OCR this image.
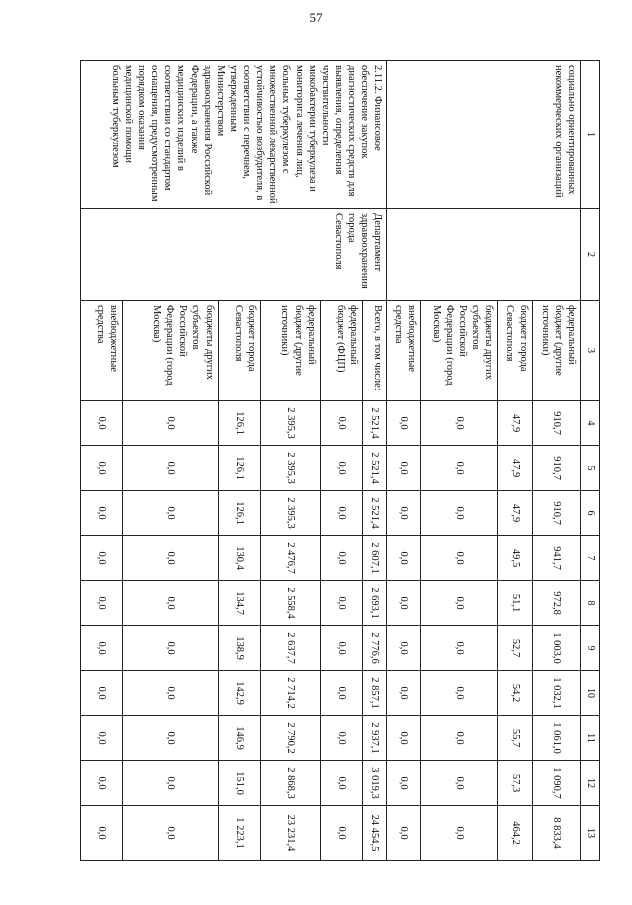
57
1	2	3	4	5	6	7	8	9	10	11	12	13
социально ориентированных некоммерческих организаций		федеральный бюджет (другие источники)	910,7	910,7	910,7	941,7	972,8	1 003,0	1 032,1	1 061,0	1 090,7	8 833,4
		бюджет города Севастополя	47,9	47,9	47,9	49,5	51,1	52,7	54,2	55,7	57,3	464,2
		бюджеты других субъектов Российской Федерации (город Москва)	0,0	0,0	0,0	0,0	0,0	0,0	0,0	0,0	0,0	0,0
		внебюджетные средства	0,0	0,0	0,0	0,0	0,0	0,0	0,0	0,0	0,0	0,0
2.11.2. Финансовое обеспечение закупок диагностических средств для выявления, определения чувствительности микобактерии туберкулеза и мониторига лечения лиц, больных туберкулезом с множественной лекарственной устойчивостью возбудителя, в соответствии с перечнем, утвержденным Министерством здравоохранения Российской Федерации, а также медицинских изделий в соответствии со стандартом оснащения, предусмотренным порядком оказания медицинской помощи больным туберкулезом	Департамент здравоохранения города Севастополя	Всего, в том числе:	2 521,4	2 521,4	2 521,4	2 607,1	2 693,1	2 776,6	2 857,1	2 937,1	3 019,3	24 454,5
		федеральный бюджет (ФЦП)	0,0	0,0	0,0	0,0	0,0	0,0	0,0	0,0	0,0	0,0
		федеральный бюджет (другие источники)	2 395,3	2 395,3	2 395,3	2 476,7	2 558,4	2 637,7	2 714,2	2 790,2	2 868,3	23 231,4
		бюджет города Севастополя	126,1	126,1	126,1	130,4	134,7	138,9	142,9	146,9	151,0	1 223,1
		бюджеты других субъектов Российской Федерации (город Москва)	0,0	0,0	0,0	0,0	0,0	0,0	0,0	0,0	0,0	0,0
		внебюджетные средства	0,0	0,0	0,0	0,0	0,0	0,0	0,0	0,0	0,0	0,0
